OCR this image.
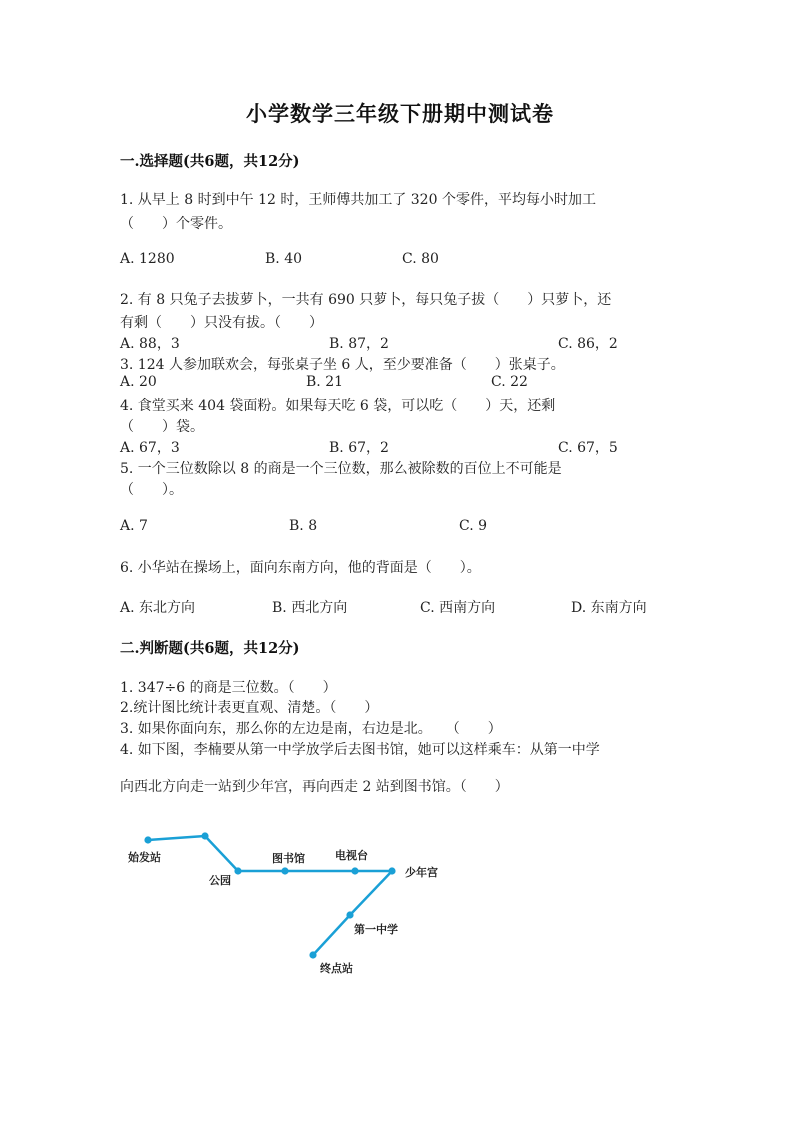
小学数学三年级下册期中测试卷
一.选择题(共6题，共12分)
1. 从早上 8 时到中午 12 时，王师傅共加工了 320 个零件，平均每小时加工
（　　）个零件。
A. 1280	B. 40	C. 80
2. 有 8 只兔子去拔萝卜，一共有 690 只萝卜，每只兔子拔（　　）只萝卜，还
有剩（　　）只没有拔。（　　）
A. 88，3	B. 87，2	C. 86，2
3. 124 人参加联欢会，每张桌子坐 6 人，至少要准备（　　）张桌子。
A. 20	B. 21	C. 22
4. 食堂买来 404 袋面粉。如果每天吃 6 袋，可以吃（　　）天，还剩
（　　）袋。
A. 67，3	B. 67，2	C. 67，5
5. 一个三位数除以 8 的商是一个三位数，那么被除数的百位上不可能是
（　　）。
A. 7	B. 8	C. 9
6. 小华站在操场上，面向东南方向，他的背面是（　　）。
A. 东北方向	B. 西北方向	C. 西南方向	D. 东南方向
二.判断题(共6题，共12分)
1. 347÷6 的商是三位数。（　　）
2.统计图比统计表更直观、清楚。（　　）
3. 如果你面向东，那么你的左边是南，右边是北。　　（　　）
4. 如下图，李楠要从第一中学放学后去图书馆，她可以这样乘车：从第一中学
向西北方向走一站到少年宫，再向西走 2 站到图书馆。（　　）
始发站
公园
图书馆	电视台
少年宫
第一中学
终点站
